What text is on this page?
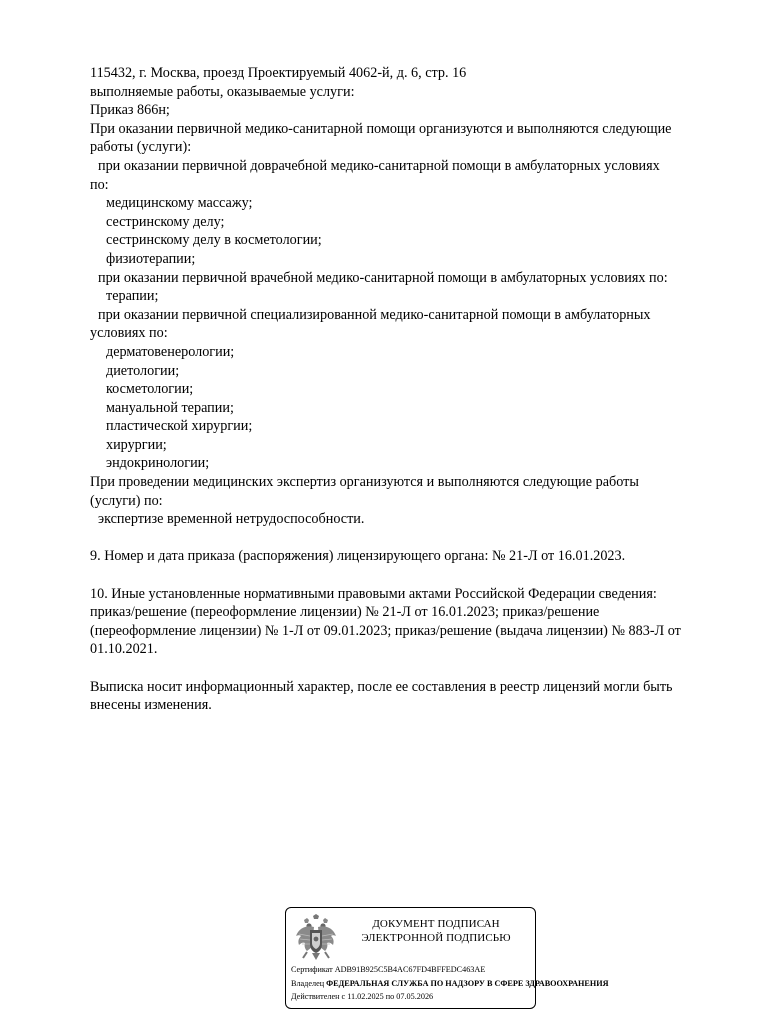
115432, г. Москва, проезд Проектируемый 4062-й, д. 6, стр. 16
выполняемые работы, оказываемые услуги:
Приказ 866н;
При оказании первичной медико-санитарной помощи организуются и выполняются следующие
работы (услуги):
при оказании первичной доврачебной медико-санитарной помощи в амбулаторных условиях
по:
медицинскому массажу;
сестринскому делу;
сестринскому делу в косметологии;
физиотерапии;
при оказании первичной врачебной медико-санитарной помощи в амбулаторных условиях по:
терапии;
при оказании первичной специализированной медико-санитарной помощи в амбулаторных
условиях по:
дерматовенерологии;
диетологии;
косметологии;
мануальной терапии;
пластической хирургии;
хирургии;
эндокринологии;
При проведении медицинских экспертиз организуются и выполняются следующие работы
(услуги) по:
экспертизе временной нетрудоспособности.
9. Номер и дата приказа (распоряжения) лицензирующего органа: № 21-Л от 16.01.2023.
10. Иные установленные нормативными правовыми актами Российской Федерации сведения:
приказ/решение (переоформление лицензии) № 21-Л от 16.01.2023; приказ/решение
(переоформление лицензии) № 1-Л от 09.01.2023; приказ/решение (выдача лицензии) № 883-Л от
01.10.2021.
Выписка носит информационный характер, после ее составления в реестр лицензий могли быть
внесены изменения.
ДОКУМЕНТ ПОДПИСАН
ЭЛЕКТРОННОЙ ПОДПИСЬЮ
Сертификат ADB91B925C5B4AC67FD4BFFEDC463AE
Владелец ФЕДЕРАЛЬНАЯ СЛУЖБА ПО НАДЗОРУ В СФЕРЕ ЗДРАВООХРАНЕНИЯ
Действителен с 11.02.2025 по 07.05.2026
